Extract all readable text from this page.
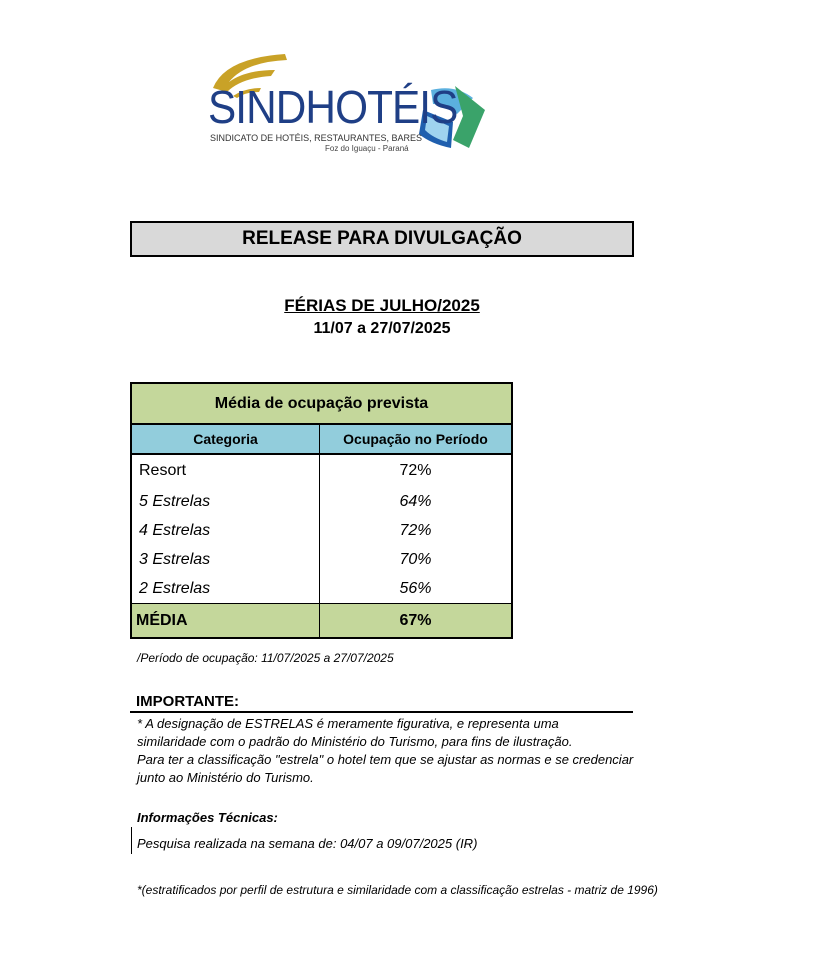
SINDHOTÉIS
SINDICATO DE HOTÉIS, RESTAURANTES, BARES
Foz do Iguaçu - Paraná
RELEASE PARA DIVULGAÇÃO
FÉRIAS DE JULHO/2025
11/07 a 27/07/2025
Média de ocupação prevista	
Categoria	Ocupação no Período
Resort	72%
5 Estrelas	64%
4 Estrelas	72%
3 Estrelas	70%
2 Estrelas	56%
MÉDIA	67%
/Período de ocupação: 11/07/2025 a 27/07/2025
IMPORTANTE:
* A designação de ESTRELAS é meramente figurativa, e representa uma
similaridade com o padrão do Ministério do Turismo, para fins de ilustração.
Para ter a classificação "estrela" o hotel tem que se ajustar as normas e se credenciar
junto ao Ministério do Turismo.
Informações Técnicas:
Pesquisa realizada na semana de: 04/07 a 09/07/2025 (IR)
*(estratificados por perfil de estrutura e similaridade com a classificação estrelas - matriz de 1996)
